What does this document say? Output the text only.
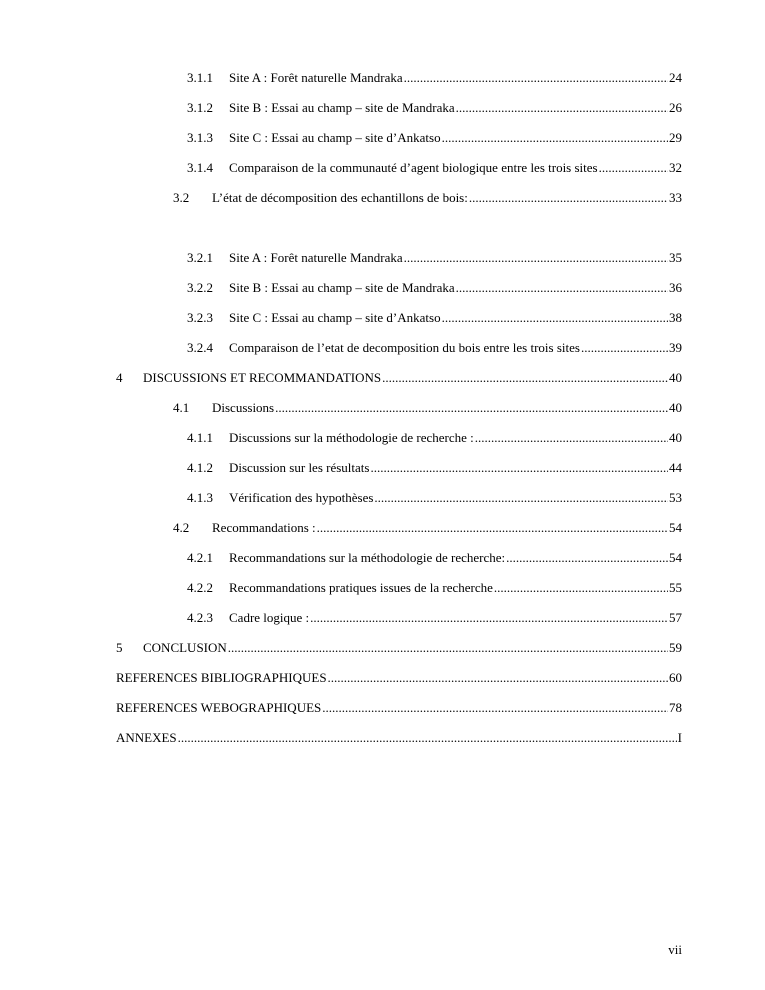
3.1.1	Site A : Forêt naturelle Mandraka .....	24
3.1.2	Site B : Essai au champ – site de Mandraka .....	26
3.1.3	Site C : Essai au champ – site d’Ankatso .....	29
3.1.4	Comparaison de la communauté d’agent biologique entre les trois sites .....	32
3.2	L’état de décomposition des echantillons de bois: .....	33
3.2.1	Site A : Forêt naturelle Mandraka .....	35
3.2.2	Site B : Essai au champ – site de Mandraka .....	36
3.2.3	Site C : Essai au champ – site d’Ankatso .....	38
3.2.4	Comparaison de l’etat de decomposition du bois entre les trois sites .....	39
4	DISCUSSIONS ET RECOMMANDATIONS .....	40
4.1	Discussions .....	40
4.1.1	Discussions sur la méthodologie de recherche : .....	40
4.1.2	Discussion sur les résultats .....	44
4.1.3	Vérification des hypothèses .....	53
4.2	Recommandations : .....	54
4.2.1	Recommandations sur la méthodologie de recherche: .....	54
4.2.2	Recommandations pratiques issues de la recherche .....	55
4.2.3	Cadre logique : .....	57
5	CONCLUSION .....	59
REFERENCES BIBLIOGRAPHIQUES .....	60
REFERENCES WEBOGRAPHIQUES .....	78
ANNEXES .....	I
vii
